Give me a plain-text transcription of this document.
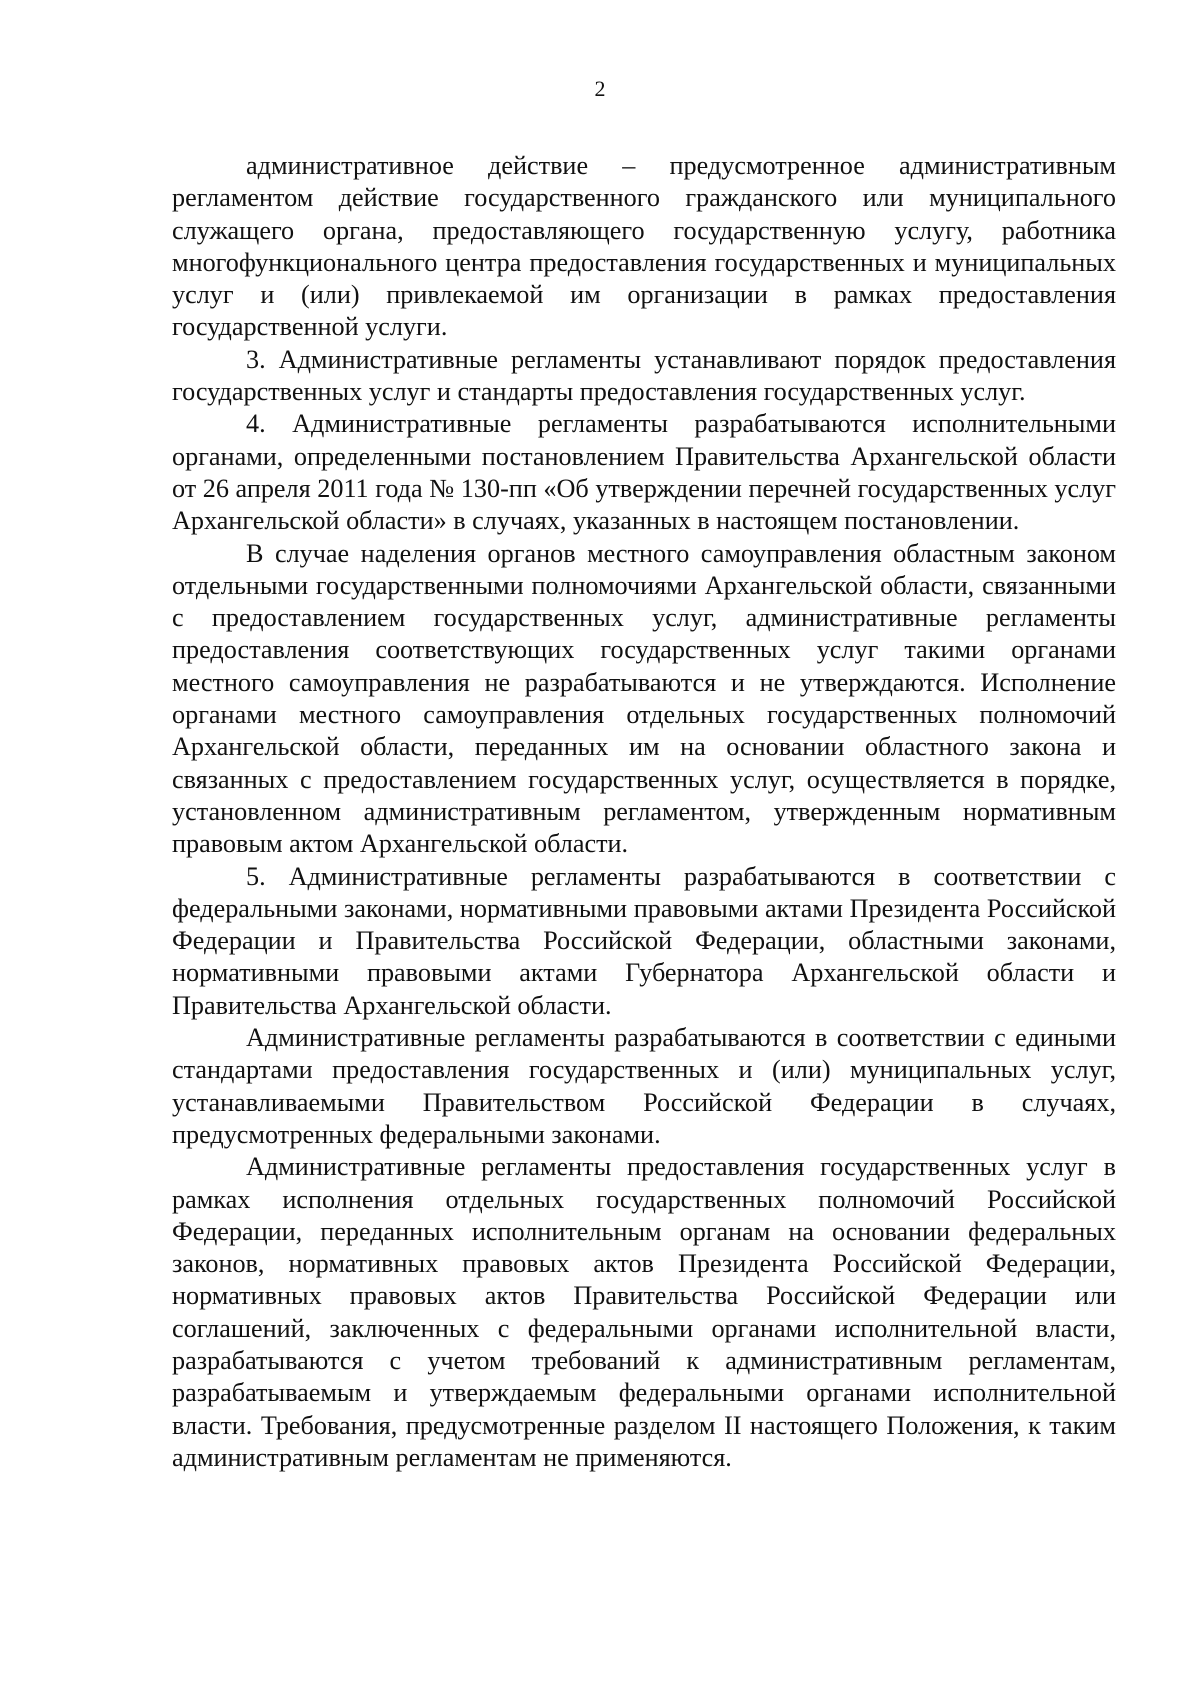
2

административное действие – предусмотренное административным регламентом действие государственного гражданского или муниципального служащего органа, предоставляющего государственную услугу, работника многофункционального центра предоставления государственных и муниципальных услуг и (или) привлекаемой им организации в рамках предоставления государственной услуги.

3. Административные регламенты устанавливают порядок предоставления государственных услуг и стандарты предоставления государственных услуг.

4. Административные регламенты разрабатываются исполнительными органами, определенными постановлением Правительства Архангельской области от 26 апреля 2011 года № 130-пп «Об утверждении перечней государственных услуг Архангельской области» в случаях, указанных в настоящем постановлении.

В случае наделения органов местного самоуправления областным законом отдельными государственными полномочиями Архангельской области, связанными с предоставлением государственных услуг, административные регламенты предоставления соответствующих государственных услуг такими органами местного самоуправления не разрабатываются и не утверждаются. Исполнение органами местного самоуправления отдельных государственных полномочий Архангельской области, переданных им на основании областного закона и связанных с предоставлением государственных услуг, осуществляется в порядке, установленном административным регламентом, утвержденным нормативным правовым актом Архангельской области.

5. Административные регламенты разрабатываются в соответствии с федеральными законами, нормативными правовыми актами Президента Российской Федерации и Правительства Российской Федерации, областными законами, нормативными правовыми актами Губернатора Архангельской области и Правительства Архангельской области.

Административные регламенты разрабатываются в соответствии с едиными стандартами предоставления государственных и (или) муниципальных услуг, устанавливаемыми Правительством Российской Федерации в случаях, предусмотренных федеральными законами.

Административные регламенты предоставления государственных услуг в рамках исполнения отдельных государственных полномочий Российской Федерации, переданных исполнительным органам на основании федеральных законов, нормативных правовых актов Президента Российской Федерации, нормативных правовых актов Правительства Российской Федерации или соглашений, заключенных с федеральными органами исполнительной власти, разрабатываются с учетом требований к административным регламентам, разрабатываемым и утверждаемым федеральными органами исполнительной власти. Требования, предусмотренные разделом II настоящего Положения, к таким административным регламентам не применяются.
